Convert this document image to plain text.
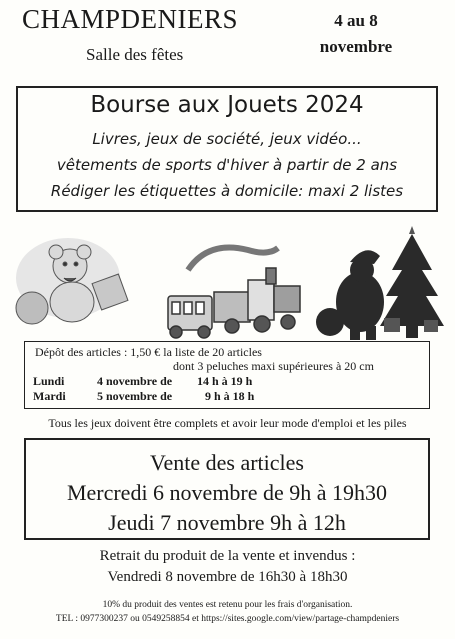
CHAMPDENIERS
Salle des fêtes
4 au 8
novembre
Bourse aux Jouets 2024
Livres, jeux de société, jeux vidéo...
vêtements de sports d'hiver à partir de 2 ans
Rédiger les étiquettes à domicile: maxi 2 listes
Dépôt des articles : 1,50 € la liste de 20 articles
dont 3 peluches maxi supérieures à 20 cm
Lundi	4 novembre de 14 h à 19 h
Mardi	5 novembre de	9 h à 18 h
Tous les jeux doivent être complets et avoir leur mode d'emploi et les piles
Vente des articles
Mercredi 6 novembre de 9h à 19h30
Jeudi 7 novembre 9h à 12h
Retrait du produit de la vente et invendus :
Vendredi 8 novembre de 16h30 à 18h30
10% du produit des ventes est retenu pour les frais d'organisation.
TEL : 0977300237 ou 0549258854 et https://sites.google.com/view/partage-champdeniers
